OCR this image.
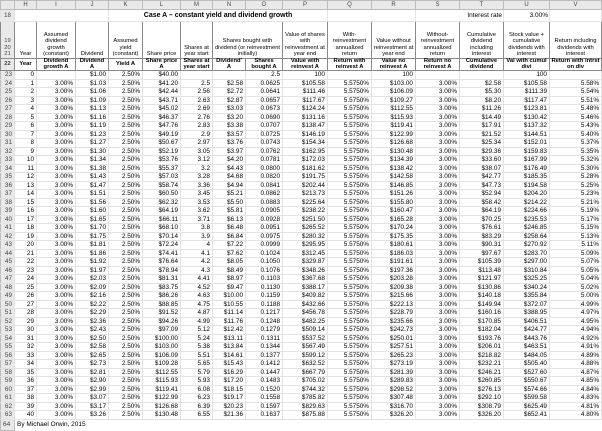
	H	I	J	K	L	M	N	O	P	Q	R	S	T	U	V
18				Case A – constant yield and dividend growth								Interest rate		3.00%	
19 20 21	Year	Assumed dividend growth (constant)	Dividend	Assumed yield (constant)	Share price	Shares at year start	Shares bought with dividend (or reinvestment initially)		Value of shares with reinvestment at year end	With- reinvestment annualized return	Value without reinvestment at year end	Without- reinvestment annualized return	Cumulative dividend including interest	Stock value + cumulative dividends with interest	Return including dividends with interest
22	Year	Dividend growth A	Dividend A	Yield A	Share price A	Shares at year start	Dividend' A	Shares bought A	Value with reinvest A	Return with reinvest A	Value no reinvest A	Return no reinvest A	Cumulative dividend	Val with cumul divi	Return with intrst on div
23	0		$1.00	2.50%	$40.00			2.5	100		100			100	
24	1	3.00%	$1.03	2.50%	$41.20	2.5	$2.58	0.0625	$105.58	5.5750%	$103.00	3.00%	$2.58	$105.58	5.58%
25	2	3.00%	$1.06	2.50%	$42.44	2.56	$2.72	0.0641	$111.46	5.5750%	$106.09	3.00%	$5.30	$111.39	5.54%
26	3	3.00%	$1.09	2.50%	$43.71	2.63	$2.87	0.0657	$117.67	5.5750%	$109.27	3.00%	$8.20	$117.47	5.51%
27	4	3.00%	$1.13	2.50%	$45.02	2.69	$3.03	0.0673	$124.24	5.5750%	$112.55	3.00%	$11.26	$123.81	5.48%
28	5	3.00%	$1.16	2.50%	$46.37	2.76	$3.20	0.0690	$131.16	5.5750%	$115.93	3.00%	$14.49	$130.42	5.46%
29	6	3.00%	$1.19	2.50%	$47.76	2.83	$3.38	0.0707	$138.47	5.5750%	$119.41	3.00%	$17.91	$137.32	5.43%
30	7	3.00%	$1.23	2.50%	$49.19	2.9	$3.57	0.0725	$146.19	5.5750%	$122.99	3.00%	$21.52	$144.51	5.40%
31	8	3.00%	$1.27	2.50%	$50.67	2.97	$3.76	0.0743	$154.34	5.5750%	$126.68	3.00%	$25.34	$152.01	5.37%
32	9	3.00%	$1.30	2.50%	$52.19	3.05	$3.97	0.0762	$162.95	5.5750%	$130.48	3.00%	$29.36	$159.83	5.35%
33	10	3.00%	$1.34	2.50%	$53.76	3.12	$4.20	0.0781	$172.03	5.5750%	$134.39	3.00%	$33.60	$167.99	5.32%
34	11	3.00%	$1.38	2.50%	$55.37	3.2	$4.43	0.0800	$181.62	5.5750%	$138.42	3.00%	$38.07	$176.49	5.30%
35	12	3.00%	$1.43	2.50%	$57.03	3.28	$4.68	0.0820	$191.75	5.5750%	$142.58	3.00%	$42.77	$185.35	5.28%
36	13	3.00%	$1.47	2.50%	$58.74	3.36	$4.94	0.0841	$202.44	5.5750%	$146.85	3.00%	$47.73	$194.58	5.25%
37	14	3.00%	$1.51	2.50%	$60.50	3.45	$5.21	0.0862	$213.73	5.5750%	$151.26	3.00%	$52.94	$204.20	5.23%
38	15	3.00%	$1.56	2.50%	$62.32	3.53	$5.50	0.0883	$225.64	5.5750%	$155.80	3.00%	$58.42	$214.22	5.21%
39	16	3.00%	$1.60	2.50%	$64.19	3.62	$5.81	0.0905	$238.22	5.5750%	$160.47	3.00%	$64.19	$224.66	5.19%
40	17	3.00%	$1.65	2.50%	$66.11	3.71	$6.13	0.0928	$251.50	5.5750%	$165.28	3.00%	$70.25	$235.53	5.17%
41	18	3.00%	$1.70	2.50%	$68.10	3.8	$6.48	0.0951	$265.52	5.5750%	$170.24	3.00%	$76.61	$246.85	5.15%
42	19	3.00%	$1.75	2.50%	$70.14	3.9	$6.84	0.0975	$280.32	5.5750%	$175.35	3.00%	$83.29	$258.64	5.13%
43	20	3.00%	$1.81	2.50%	$72.24	4	$7.22	0.0999	$295.95	5.5750%	$180.61	3.00%	$90.31	$270.92	5.11%
44	21	3.00%	$1.86	2.50%	$74.41	4.1	$7.62	0.1024	$312.45	5.5750%	$186.03	3.00%	$97.67	$283.70	5.09%
45	22	3.00%	$1.92	2.50%	$76.64	4.2	$8.05	0.1050	$329.87	5.5750%	$191.61	3.00%	$105.39	$297.00	5.07%
46	23	3.00%	$1.97	2.50%	$78.94	4.3	$8.49	0.1076	$348.26	5.5750%	$197.36	3.00%	$113.48	$310.84	5.05%
47	24	3.00%	$2.03	2.50%	$81.31	4.41	$8.97	0.1103	$367.68	5.5750%	$203.28	3.00%	$121.97	$325.25	5.04%
48	25	3.00%	$2.09	2.50%	$83.75	4.52	$9.47	0.1130	$388.17	5.5750%	$209.38	3.00%	$130.86	$340.24	5.02%
49	26	3.00%	$2.16	2.50%	$86.26	4.63	$10.00	0.1159	$409.82	5.5750%	$215.66	3.00%	$140.18	$355.84	5.00%
50	27	3.00%	$2.22	2.50%	$88.85	4.75	$10.55	0.1188	$432.66	5.5750%	$222.13	3.00%	$149.94	$372.07	4.99%
51	28	3.00%	$2.29	2.50%	$91.52	4.87	$11.14	0.1217	$456.78	5.5750%	$228.79	3.00%	$160.16	$388.95	4.97%
52	29	3.00%	$2.36	2.50%	$94.26	4.99	$11.76	0.1248	$482.25	5.5750%	$235.66	3.00%	$170.85	$406.51	4.95%
53	30	3.00%	$2.43	2.50%	$97.09	5.12	$12.42	0.1279	$509.14	5.5750%	$242.73	3.00%	$182.04	$424.77	4.94%
54	31	3.00%	$2.50	2.50%	$100.00	5.24	$13.11	0.1311	$537.52	5.5750%	$250.01	3.00%	$193.76	$443.76	4.92%
55	32	3.00%	$2.58	2.50%	$103.00	5.38	$13.84	0.1344	$567.49	5.5750%	$257.51	3.00%	$206.01	$463.51	4.91%
56	33	3.00%	$2.65	2.50%	$106.09	5.51	$14.61	0.1377	$599.12	5.5750%	$265.23	3.00%	$218.82	$484.05	4.89%
57	34	3.00%	$2.73	2.50%	$109.28	5.65	$15.43	0.1412	$632.52	5.5750%	$273.19	3.00%	$232.21	$505.40	4.88%
58	35	3.00%	$2.81	2.50%	$112.55	5.79	$16.29	0.1447	$667.79	5.5750%	$281.39	3.00%	$246.21	$527.60	4.87%
59	36	3.00%	$2.90	2.50%	$115.93	5.93	$17.20	0.1483	$705.02	5.5750%	$289.83	3.00%	$260.85	$550.67	4.85%
60	37	3.00%	$2.99	2.50%	$119.41	6.08	$18.15	0.1520	$744.32	5.5750%	$298.52	3.00%	$276.13	$574.66	4.84%
61	38	3.00%	$3.07	2.50%	$122.99	6.23	$19.17	0.1558	$785.82	5.5750%	$307.48	3.00%	$292.10	$599.58	4.83%
62	39	3.00%	$3.17	2.50%	$126.68	6.39	$20.23	0.1597	$829.63	5.5750%	$316.70	3.00%	$308.79	$625.49	4.81%
63	40	3.00%	$3.26	2.50%	$130.48	6.55	$21.36	0.1637	$875.88	5.5750%	$326.20	3.00%	$326.20	$652.41	4.80%
64	By Michael Orwin, 2015														
